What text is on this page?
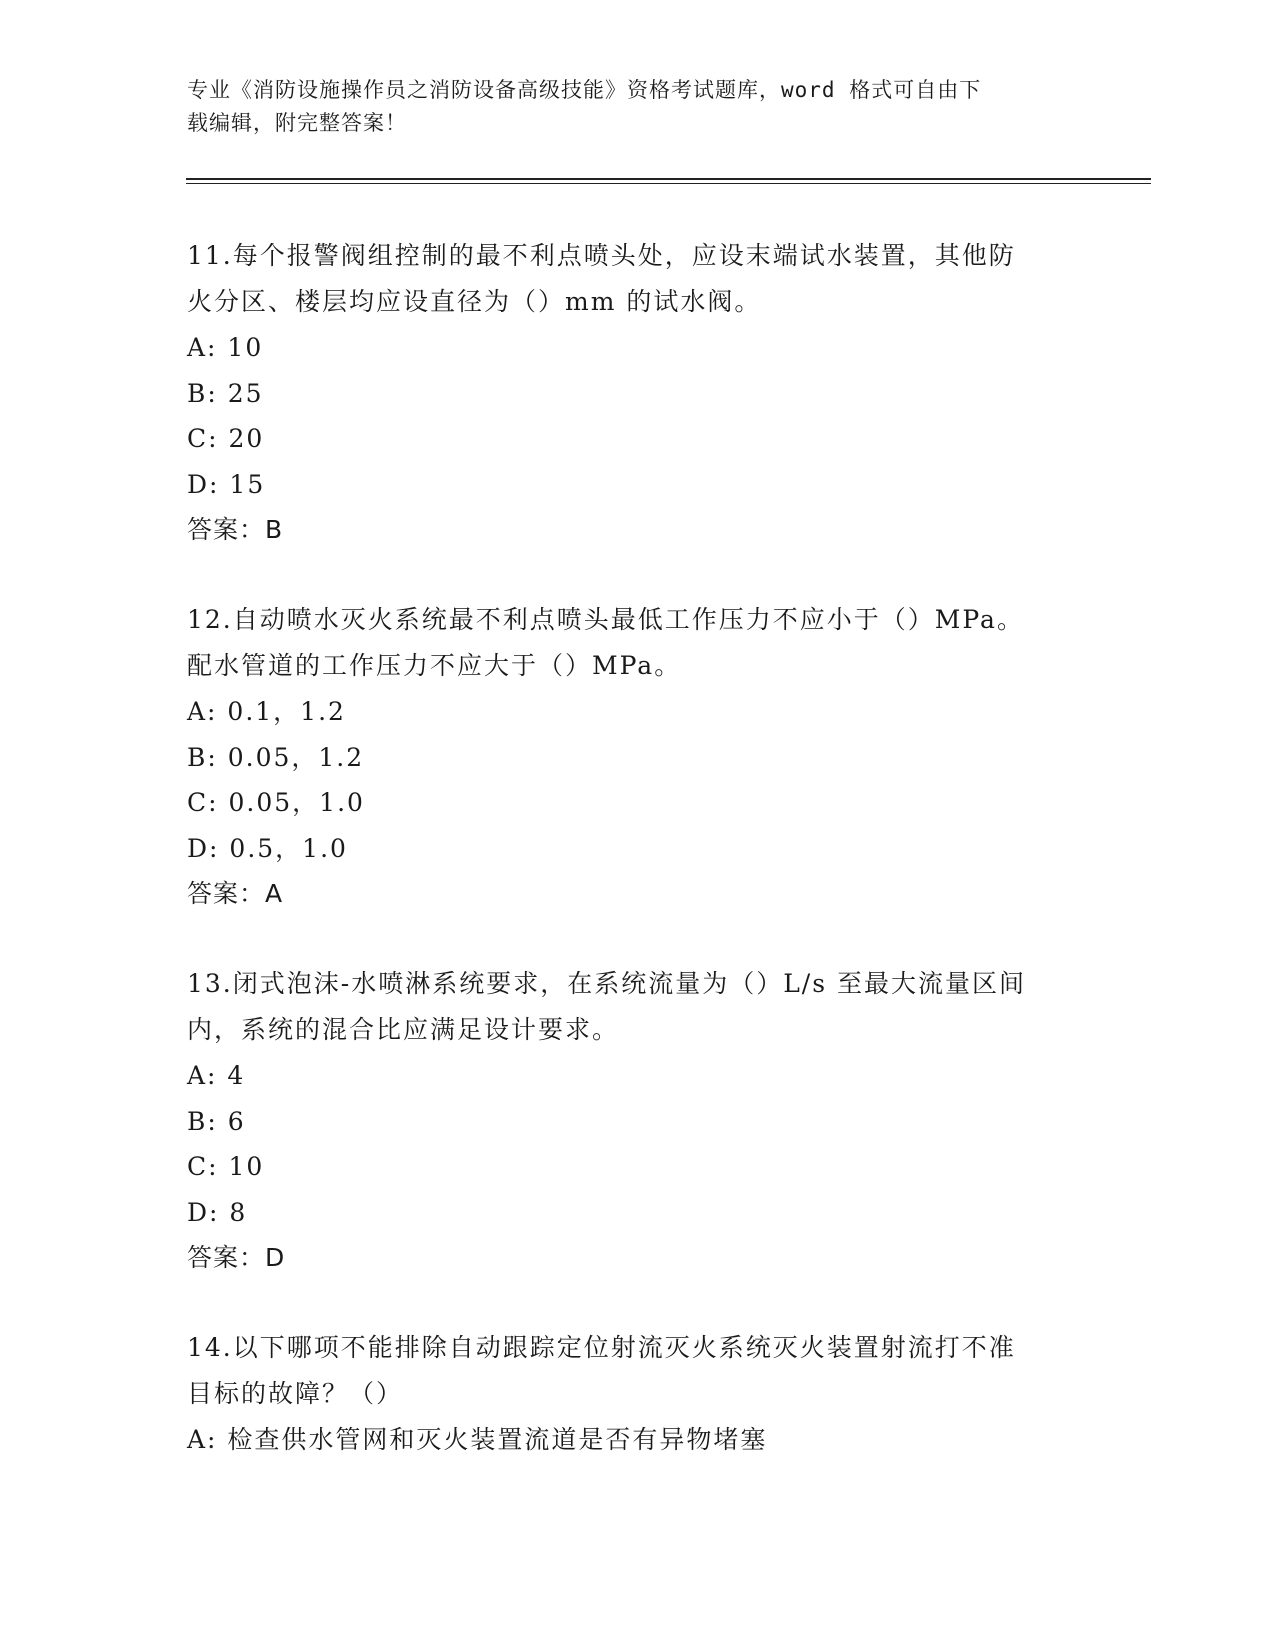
专业《消防设施操作员之消防设备高级技能》资格考试题库，word 格式可自由下
载编辑，附完整答案！

11.每个报警阀组控制的最不利点喷头处，应设末端试水装置，其他防

火分区、楼层均应设直径为（）mm 的试水阀。

A: 10

B: 25

C: 20

D: 15

答案：B

12.自动喷水灭火系统最不利点喷头最低工作压力不应小于（）MPa。

配水管道的工作压力不应大于（）MPa。

A: 0.1，1.2

B: 0.05，1.2

C: 0.05，1.0

D: 0.5，1.0

答案：A

13.闭式泡沫-水喷淋系统要求，在系统流量为（）L/s 至最大流量区间

内，系统的混合比应满足设计要求。

A: 4

B: 6

C: 10

D: 8

答案：D

14.以下哪项不能排除自动跟踪定位射流灭火系统灭火装置射流打不准

目标的故障？（）

A: 检查供水管网和灭火装置流道是否有异物堵塞
